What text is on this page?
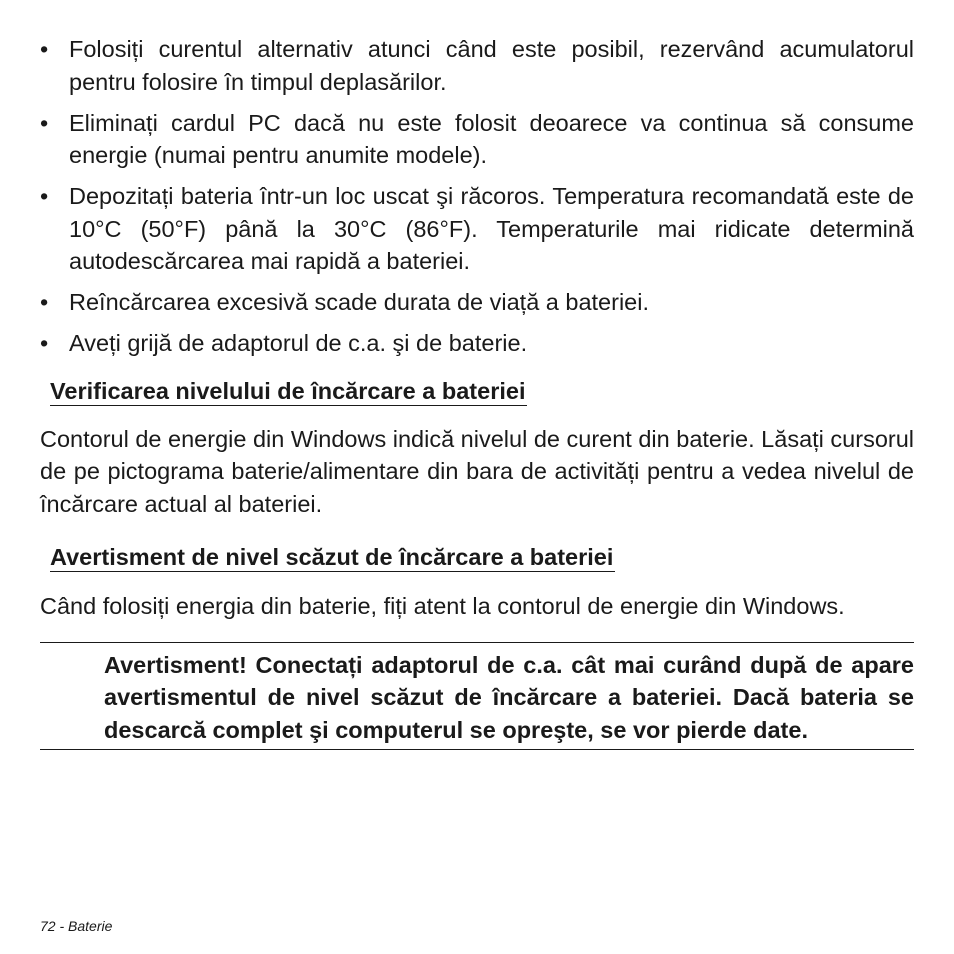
• Folosiți curentul alternativ atunci când este posibil, rezervând acumulatorul pentru folosire în timpul deplasărilor.
• Eliminați cardul PC dacă nu este folosit deoarece va continua să consume energie (numai pentru anumite modele).
• Depozitați bateria într-un loc uscat şi răcoros. Temperatura recomandată este de 10°C (50°F) până la 30°C (86°F). Temperaturile mai ridicate determină autodescărcarea mai rapidă a bateriei.
• Reîncărcarea excesivă scade durata de viață a bateriei.
• Aveți grijă de adaptorul de c.a. şi de baterie.
Verificarea nivelului de încărcare a bateriei

Contorul de energie din Windows indică nivelul de curent din baterie. Lăsați cursorul de pe pictograma baterie/alimentare din bara de activități pentru a vedea nivelul de încărcare actual al bateriei.

Avertisment de nivel scăzut de încărcare a bateriei

Când folosiți energia din baterie, fiți atent la contorul de energie din Windows.

Avertisment! Conectați adaptorul de c.a. cât mai curând după de apare avertismentul de nivel scăzut de încărcare a bateriei. Dacă bateria se descarcă complet şi computerul se opreşte, se vor pierde date.

72 - Baterie
